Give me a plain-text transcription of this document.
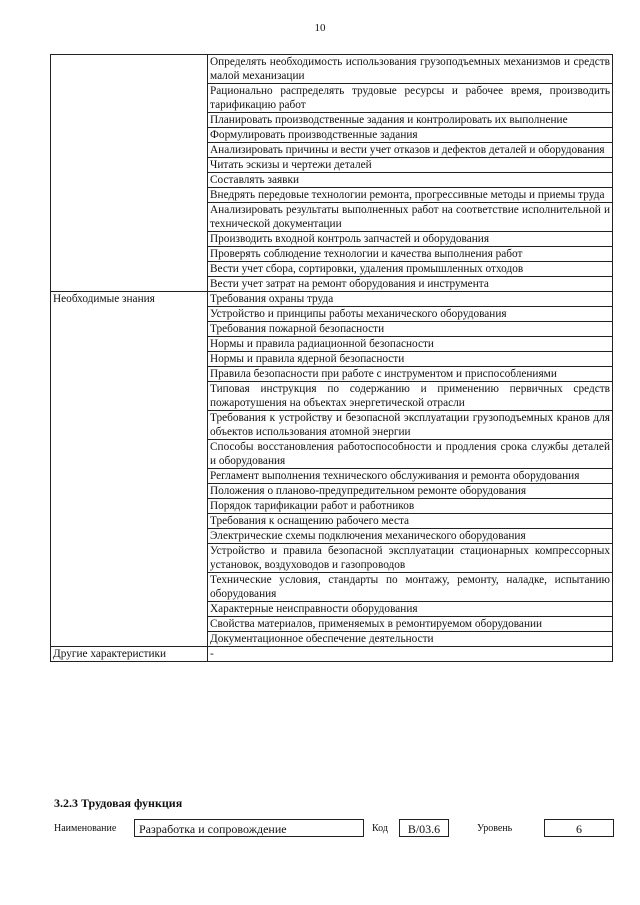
10

	Определять необходимость использования грузоподъемных механизмов и средств малой механизации

	Рационально распределять трудовые ресурсы и рабочее время, производить тарификацию работ

	Планировать производственные задания и контролировать их выполнение

	Формулировать производственные задания

	Анализировать причины и вести учет отказов и дефектов деталей и оборудования

	Читать эскизы и чертежи деталей

	Составлять заявки

	Внедрять передовые технологии ремонта, прогрессивные методы и приемы труда

	Анализировать результаты выполненных работ на соответствие исполнительной и технической документации

	Производить входной контроль запчастей и оборудования

	Проверять соблюдение технологии и качества выполнения работ

	Вести учет сбора, сортировки, удаления промышленных отходов

	Вести учет затрат на ремонт оборудования и инструмента

Необходимые знания	Требования охраны труда

	Устройство и принципы работы механического оборудования

	Требования пожарной безопасности

	Нормы и правила радиационной безопасности

	Нормы и правила ядерной безопасности

	Правила безопасности при работе с инструментом и приспособлениями

	Типовая инструкция по содержанию и применению первичных средств пожаротушения на объектах энергетической отрасли

	Требования к устройству и безопасной эксплуатации грузоподъемных кранов для объектов использования атомной энергии

	Способы восстановления работоспособности и продления срока службы деталей и оборудования

	Регламент выполнения технического обслуживания и ремонта оборудования

	Положения о планово-предупредительном ремонте оборудования

	Порядок тарификации работ и работников

	Требования к оснащению рабочего места

	Электрические схемы подключения механического оборудования

	Устройство и правила безопасной эксплуатации стационарных компрессорных установок, воздуховодов и газопроводов

	Технические условия, стандарты по монтажу, ремонту, наладке, испытанию оборудования

	Характерные неисправности оборудования

	Свойства материалов, применяемых в ремонтируемом оборудовании

	Документационное обеспечение деятельности

Другие характеристики	-
3.2.3 Трудовая функция
Наименование	Разработка и сопровождение	Код	B/03.6	Уровень	6
